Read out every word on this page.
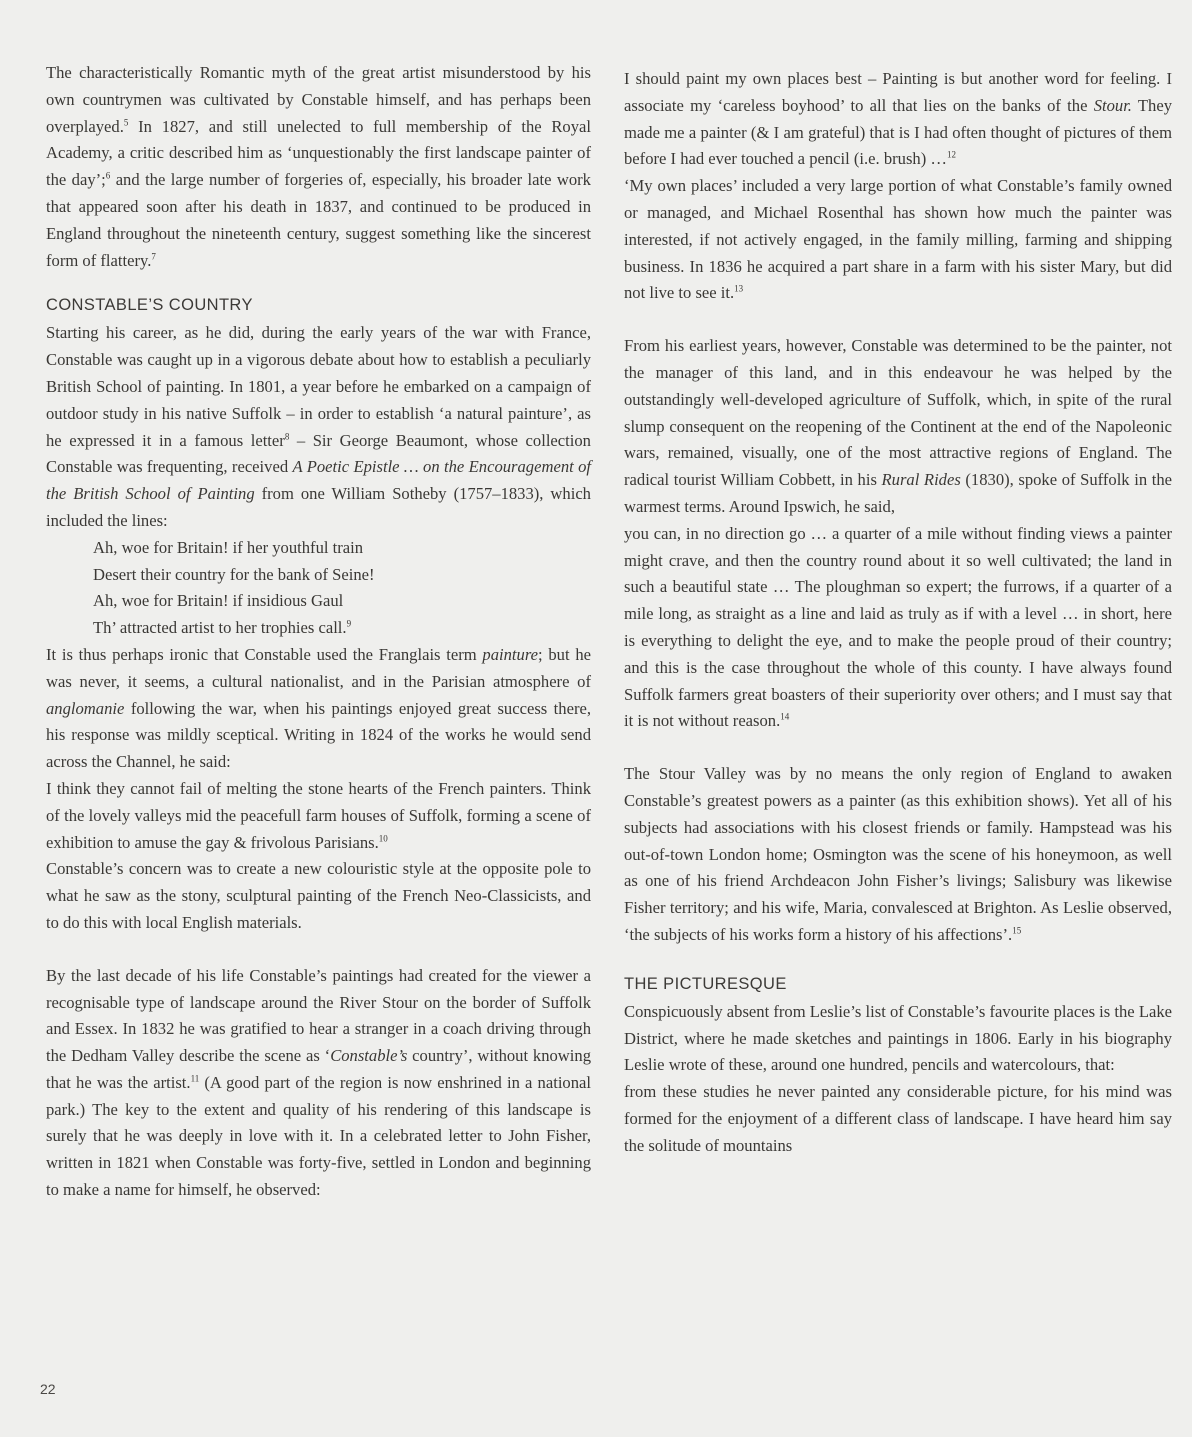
The characteristically Romantic myth of the great artist misunderstood by his own countrymen was cultivated by Constable himself, and has perhaps been overplayed.$^5$ In 1827, and still unelected to full membership of the Royal Academy, a critic described him as ‘unquestionably the first landscape painter of the day’;$^6$ and the large number of forgeries of, especially, his broader late work that appeared soon after his death in 1837, and continued to be produced in England throughout the nineteenth century, suggest something like the sincerest form of flattery.$^7$

CONSTABLE’S COUNTRY

Starting his career, as he did, during the early years of the war with France, Constable was caught up in a vigorous debate about how to establish a peculiarly British School of painting. In 1801, a year before he embarked on a campaign of outdoor study in his native Suffolk – in order to establish ‘a natural painture’, as he expressed it in a famous letter$^8$ – Sir George Beaumont, whose collection Constable was frequenting, received A Poetic Epistle … on the Encouragement of the British School of Painting from one William Sotheby (1757–1833), which included the lines:

Ah, woe for Britain! if her youthful train
Desert their country for the bank of Seine!
Ah, woe for Britain! if insidious Gaul
Th’ attracted artist to her trophies call.$^9$

It is thus perhaps ironic that Constable used the Franglais term painture; but he was never, it seems, a cultural nationalist, and in the Parisian atmosphere of anglomanie following the war, when his paintings enjoyed great success there, his response was mildly sceptical. Writing in 1824 of the works he would send across the Channel, he said:

I think they cannot fail of melting the stone hearts of the French painters. Think of the lovely valleys mid the peacefull farm houses of Suffolk, forming a scene of exhibition to amuse the gay & frivolous Parisians.$^{10}$

Constable’s concern was to create a new colouristic style at the opposite pole to what he saw as the stony, sculptural painting of the French Neo-Classicists, and to do this with local English materials.

By the last decade of his life Constable’s paintings had created for the viewer a recognisable type of landscape around the River Stour on the border of Suffolk and Essex. In 1832 he was gratified to hear a stranger in a coach driving through the Dedham Valley describe the scene as ‘Constable’s country’, without knowing that he was the artist.$^{11}$ (A good part of the region is now enshrined in a national park.) The key to the extent and quality of his rendering of this landscape is surely that he was deeply in love with it. In a celebrated letter to John Fisher, written in 1821 when Constable was forty-five, settled in London and beginning to make a name for himself, he observed:

I should paint my own places best – Painting is but another word for feeling. I associate my ‘careless boyhood’ to all that lies on the banks of the Stour. They made me a painter (& I am grateful) that is I had often thought of pictures of them before I had ever touched a pencil (i.e. brush) …$^{12}$

‘My own places’ included a very large portion of what Constable’s family owned or managed, and Michael Rosenthal has shown how much the painter was interested, if not actively engaged, in the family milling, farming and shipping business. In 1836 he acquired a part share in a farm with his sister Mary, but did not live to see it.$^{13}$

From his earliest years, however, Constable was determined to be the painter, not the manager of this land, and in this endeavour he was helped by the outstandingly well-developed agriculture of Suffolk, which, in spite of the rural slump consequent on the reopening of the Continent at the end of the Napoleonic wars, remained, visually, one of the most attractive regions of England. The radical tourist William Cobbett, in his Rural Rides (1830), spoke of Suffolk in the warmest terms. Around Ipswich, he said,

you can, in no direction go … a quarter of a mile without finding views a painter might crave, and then the country round about it so well cultivated; the land in such a beautiful state … The ploughman so expert; the furrows, if a quarter of a mile long, as straight as a line and laid as truly as if with a level … in short, here is everything to delight the eye, and to make the people proud of their country; and this is the case throughout the whole of this county. I have always found Suffolk farmers great boasters of their superiority over others; and I must say that it is not without reason.$^{14}$

The Stour Valley was by no means the only region of England to awaken Constable’s greatest powers as a painter (as this exhibition shows). Yet all of his subjects had associations with his closest friends or family. Hampstead was his out-of-town London home; Osmington was the scene of his honeymoon, as well as one of his friend Archdeacon John Fisher’s livings; Salisbury was likewise Fisher territory; and his wife, Maria, convalesced at Brighton. As Leslie observed, ‘the subjects of his works form a history of his affections’.$^{15}$

THE PICTURESQUE

Conspicuously absent from Leslie’s list of Constable’s favourite places is the Lake District, where he made sketches and paintings in 1806. Early in his biography Leslie wrote of these, around one hundred, pencils and watercolours, that:

from these studies he never painted any considerable picture, for his mind was formed for the enjoyment of a different class of landscape. I have heard him say the solitude of mountains

22
